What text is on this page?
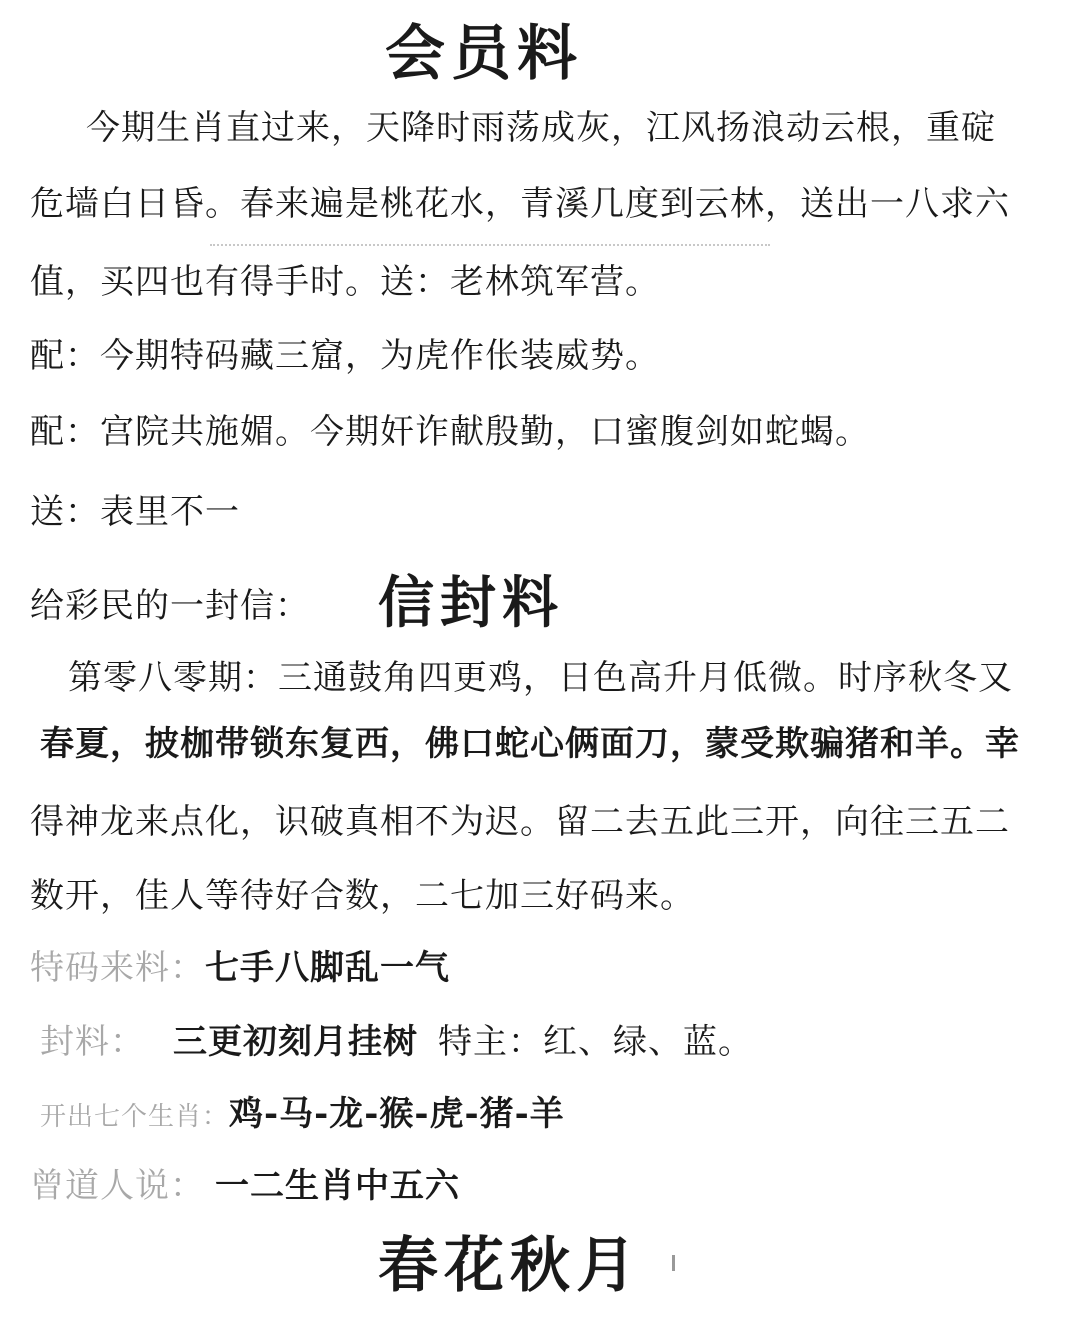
会员料
今期生肖直过来，天降时雨荡成灰，江风扬浪动云根，重碇
危墙白日昏。春来遍是桃花水，青溪几度到云林，送出一八求六
值，买四也有得手时。送：老林筑军营。
配：今期特码藏三窟，为虎作伥装威势。
配：宫院共施媚。今期奸诈献殷勤，口蜜腹剑如蛇蝎。
送：表里不一
给彩民的一封信：	信封料
第零八零期：三通鼓角四更鸡，日色高升月低微。时序秋冬又
春夏，披枷带锁东复西，佛口蛇心俩面刀，蒙受欺骗猪和羊。幸
得神龙来点化，识破真相不为迟。留二去五此三开，向往三五二
数开，佳人等待好合数，二七加三好码来。
特码来料：七手八脚乱一气
封料： 三更初刻月挂树 特主：红、绿、蓝。
开出七个生肖：鸡-马-龙-猴-虎-猪-羊
曾道人说： 一二生肖中五六
春花秋月
